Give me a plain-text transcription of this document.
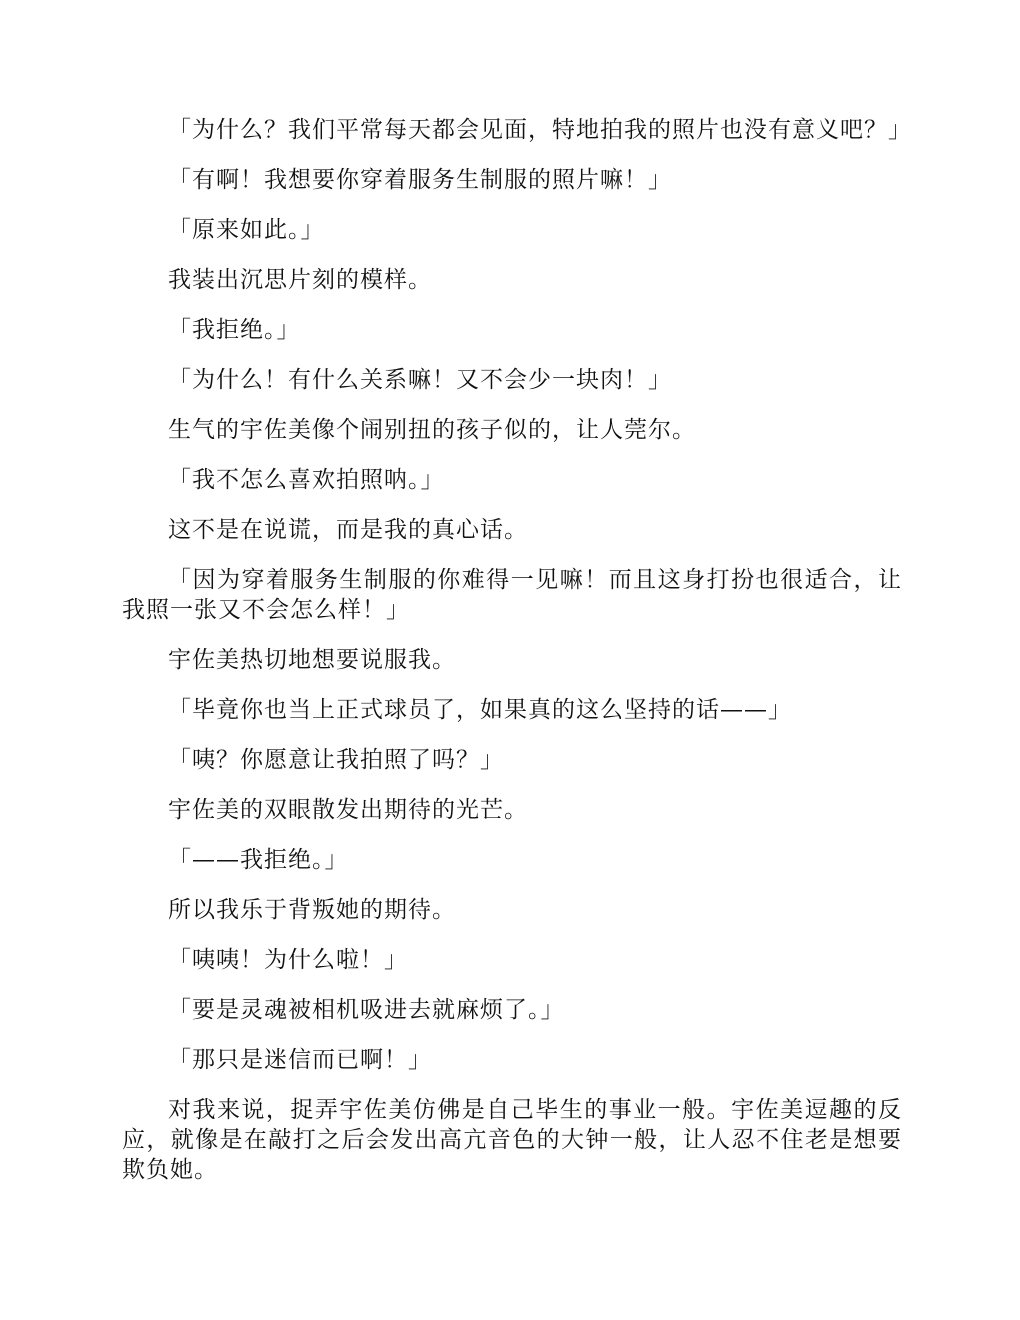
「为什么？我们平常每天都会见面，特地拍我的照片也没有意义吧？」

「有啊！我想要你穿着服务生制服的照片嘛！」

「原来如此。」

我装出沉思片刻的模样。

「我拒绝。」

「为什么！有什么关系嘛！又不会少一块肉！」

生气的宇佐美像个闹别扭的孩子似的，让人莞尔。

「我不怎么喜欢拍照呐。」

这不是在说谎，而是我的真心话。

「因为穿着服务生制服的你难得一见嘛！而且这身打扮也很适合，让我照一张又不会怎么样！」

宇佐美热切地想要说服我。

「毕竟你也当上正式球员了，如果真的这么坚持的话——」

「咦？你愿意让我拍照了吗？」

宇佐美的双眼散发出期待的光芒。

「——我拒绝。」

所以我乐于背叛她的期待。

「咦咦！为什么啦！」

「要是灵魂被相机吸进去就麻烦了。」

「那只是迷信而已啊！」

对我来说，捉弄宇佐美仿佛是自己毕生的事业一般。宇佐美逗趣的反应，就像是在敲打之后会发出高亢音色的大钟一般，让人忍不住老是想要欺负她。
